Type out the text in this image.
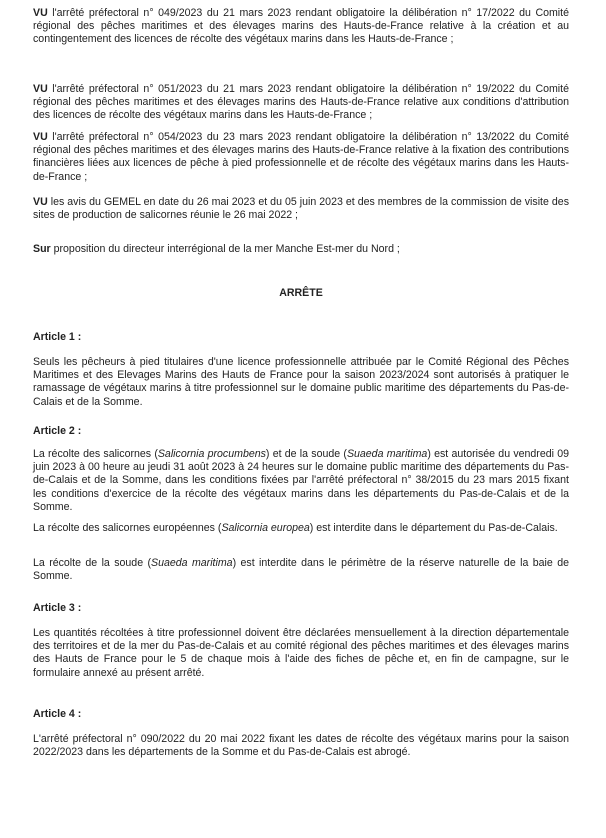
VU l'arrêté préfectoral n° 049/2023 du 21 mars 2023 rendant obligatoire la délibération n° 17/2022 du Comité régional des pêches maritimes et des élevages marins des Hauts-de-France relative à la création et au contingentement des licences de récolte des végétaux marins dans les Hauts-de-France ;

VU l'arrêté préfectoral n° 051/2023 du 21 mars 2023 rendant obligatoire la délibération n° 19/2022 du Comité régional des pêches maritimes et des élevages marins des Hauts-de-France relative aux conditions d'attribution des licences de récolte des végétaux marins dans les Hauts-de-France ;

VU l'arrêté préfectoral n° 054/2023 du 23 mars 2023 rendant obligatoire la délibération n° 13/2022 du Comité régional des pêches maritimes et des élevages marins des Hauts-de-France relative à la fixation des contributions financières liées aux licences de pêche à pied professionnelle et de récolte des végétaux marins dans les Hauts-de-France ;

VU les avis du GEMEL en date du 26 mai 2023 et du 05 juin 2023 et des membres de la commission de visite des sites de production de salicornes réunie le 26 mai 2022 ;

Sur proposition du directeur interrégional de la mer Manche Est-mer du Nord ;

ARRÊTE

Article 1 :

Seuls les pêcheurs à pied titulaires d'une licence professionnelle attribuée par le Comité Régional des Pêches Maritimes et des Elevages Marins des Hauts de France pour la saison 2023/2024 sont autorisés à pratiquer le ramassage de végétaux marins à titre professionnel sur le domaine public maritime des départements du Pas-de-Calais et de la Somme.

Article 2 :

La récolte des salicornes (Salicornia procumbens) et de la soude (Suaeda maritima) est autorisée du vendredi 09 juin 2023 à 00 heure au jeudi 31 août 2023 à 24 heures sur le domaine public maritime des départements du Pas-de-Calais et de la Somme, dans les conditions fixées par l'arrêté préfectoral n° 38/2015 du 23 mars 2015 fixant les conditions d'exercice de la récolte des végétaux marins dans les départements du Pas-de-Calais et de la Somme.

La récolte des salicornes européennes (Salicornia europea) est interdite dans le département du Pas-de-Calais.

La récolte de la soude (Suaeda maritima) est interdite dans le périmètre de la réserve naturelle de la baie de Somme.

Article 3 :

Les quantités récoltées à titre professionnel doivent être déclarées mensuellement à la direction départementale des territoires et de la mer du Pas-de-Calais et au comité régional des pêches maritimes et des élevages marins des Hauts de France pour le 5 de chaque mois à l'aide des fiches de pêche et, en fin de campagne, sur le formulaire annexé au présent arrêté.

Article 4 :

L'arrêté préfectoral n° 090/2022 du 20 mai 2022 fixant les dates de récolte des végétaux marins pour la saison 2022/2023 dans les départements de la Somme et du Pas-de-Calais est abrogé.
